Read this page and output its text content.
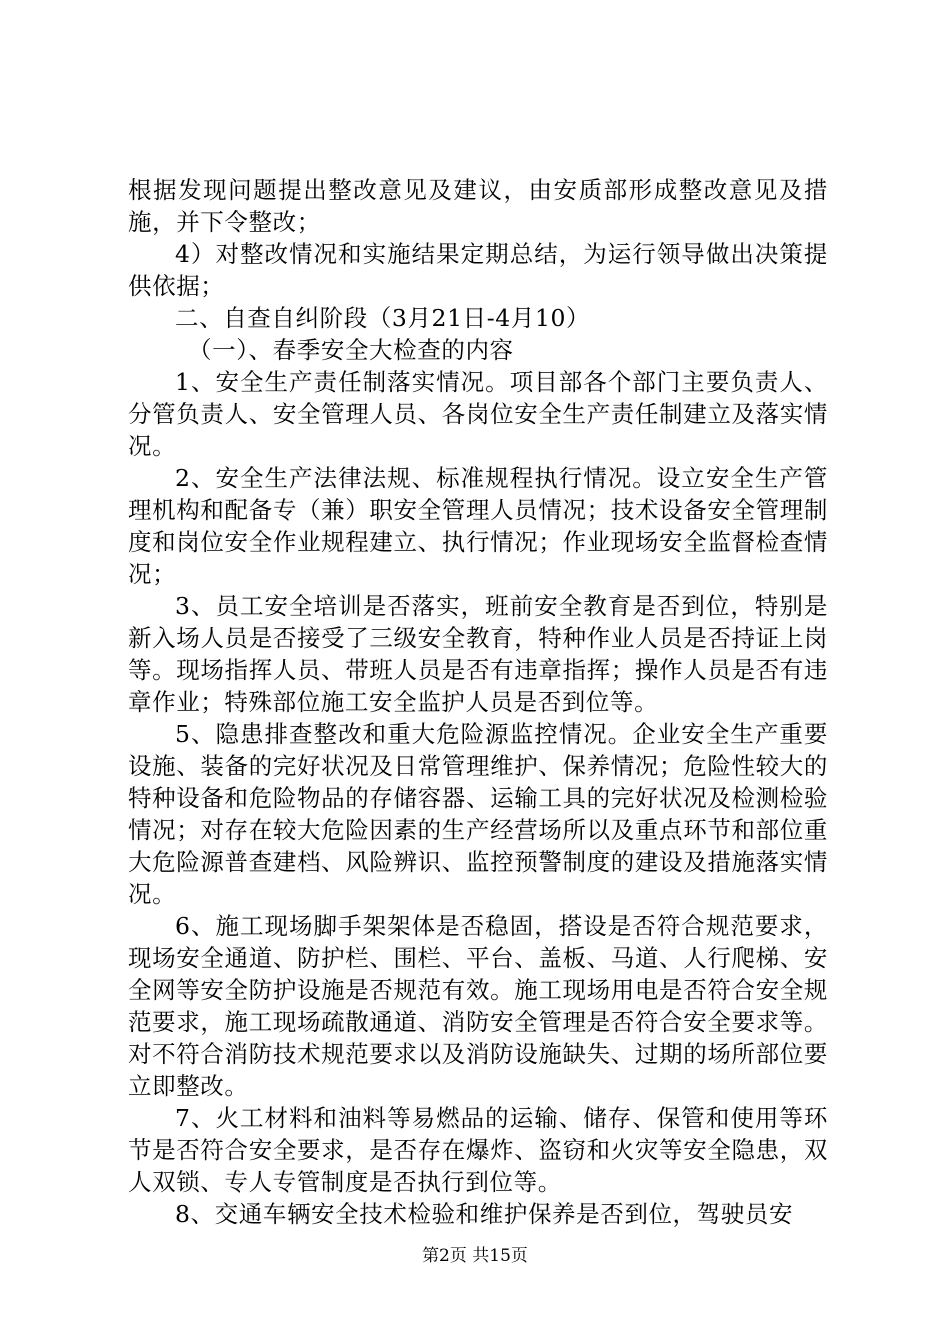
根据发现问题提出整改意见及建议，由安质部形成整改意见及措施，并下令整改；

4）对整改情况和实施结果定期总结，为运行领导做出决策提供依据；

二、自查自纠阶段（3月21日-4月10）

（一）、春季安全大检查的内容

1、安全生产责任制落实情况。项目部各个部门主要负责人、分管负责人、安全管理人员、各岗位安全生产责任制建立及落实情况。

2、安全生产法律法规、标准规程执行情况。设立安全生产管理机构和配备专（兼）职安全管理人员情况；技术设备安全管理制度和岗位安全作业规程建立、执行情况；作业现场安全监督检查情况；

3、员工安全培训是否落实，班前安全教育是否到位，特别是新入场人员是否接受了三级安全教育，特种作业人员是否持证上岗等。现场指挥人员、带班人员是否有违章指挥；操作人员是否有违章作业；特殊部位施工安全监护人员是否到位等。

5、隐患排查整改和重大危险源监控情况。企业安全生产重要设施、装备的完好状况及日常管理维护、保养情况；危险性较大的特种设备和危险物品的存储容器、运输工具的完好状况及检测检验情况；对存在较大危险因素的生产经营场所以及重点环节和部位重大危险源普查建档、风险辨识、监控预警制度的建设及措施落实情况。

6、施工现场脚手架架体是否稳固，搭设是否符合规范要求，现场安全通道、防护栏、围栏、平台、盖板、马道、人行爬梯、安全网等安全防护设施是否规范有效。施工现场用电是否符合安全规范要求，施工现场疏散通道、消防安全管理是否符合安全要求等。对不符合消防技术规范要求以及消防设施缺失、过期的场所部位要立即整改。

7、火工材料和油料等易燃品的运输、储存、保管和使用等环节是否符合安全要求，是否存在爆炸、盗窃和火灾等安全隐患，双人双锁、专人专管制度是否执行到位等。

8、交通车辆安全技术检验和维护保养是否到位，驾驶员安

第2页 共15页
